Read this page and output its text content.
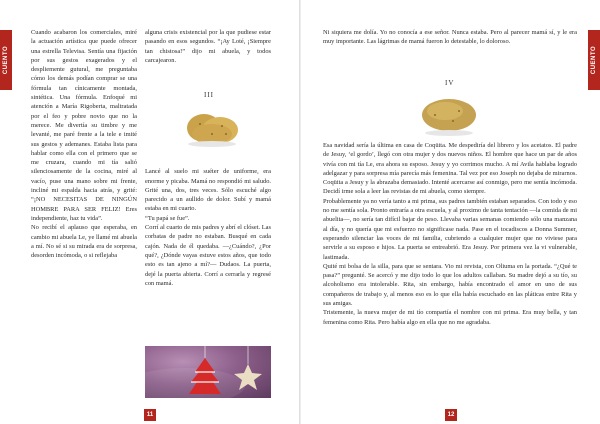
CUENTO	CUENTO

Cuando acabaron los comerciales, miré la actuación artística que puede ofrecer una estrella Televisa. Sentía una fijación por sus gestos exagerados y el despliemente gutural, me preguntaba cómo los demás podían comprar se una fórmula tan cínicamente montada, sintética. Una fórmula. Enfoqué mi atención a María Rigoberta, maltratada por el feo y pobre novio que no la merece. Me divertía su timbre y me levanté, me paré frente a la tele e imité sus gestos y ademanes. Estaba lista para hablar como ella con el primero que se me cruzara, cuando mi tía salió silenciosamente de la cocina, miré al vacío, puse una mano sobre mi frente, incliné mi espalda hacia atrás, y grité: “¡NO NECESITAS DE NINGÚN HOMBRE PARA SER FELIZ! Eres independiente, haz tu vida”.

No recibí el aplauso que esperaba, en cambio mi abuela Le, ye llamé mi abuela a mí. No sé si su mirada era de sorpresa, desorden incómoda, o si reflejaba

alguna crisis existencial por la que pudiese estar pasando en esos segundos. “¡Ay Loté, ¡Siempre tan chistosa!” dijo mi abuela, y todos carcajearon.

III

Lancé al suelo mi suéter de uniforme, era enorme y picaba. Mamá no respondió mi saludo. Grité una, dos, tres veces. Sólo escuché algo parecido a un aullido de dolor. Subí y mamá estaba en mi cuarto.
“Tu papá se fue”.
Corrí al cuarto de mis padres y abrí el clóset. Las corbatas de padre no estaban. Busqué en cada cajón. Nada de él quedaba. —¿Cuándo?, ¿Por qué?, ¿Dónde vayas estuve estos años, que todo esto es tan ajeno a mí?— Dudaos. La puerta, dejé la puerta abierta. Corrí a cerrarla y regresé con mamá.

11

Ni siquiera me dolía. Yo no conocía a ese señor. Nunca estaba. Pero al parecer mamá sí, y le era muy importante. Las lágrimas de mamá fueron lo detestable, lo doloroso.

IV

Esa navidad sería la última en casa de Coqüita. Me despediría del librero y los acetatos. El padre de Jesuy, ‘el gordo’, llegó con otra mujer y dos nuevos niños. El hombre que hace un par de años vivía con mi tía Le, era ahora su esposo. Jesuy y yo corrimos mucho. A mí Avila hablaba logrado adelgazar y para sorpresa mía parecía más femenina. Tal vez por eso Joseph no dejaba de mirarnos. Coqüita a Jesuy y la abrazaba demasiado. Intenté acercarse así conmigo, pero me sentía incómoda. Decidí irme sola a leer las revistas de mi abuela, como siempre.

Probablemente ya no vería tanto a mi prima, sus padres también estaban separados. Con todo y eso no me sentía sola. Pronto entraría a otra escuela, y al proximo de tanta tentación —la comida de mi abuelita—, no sería tan difícil bajar de peso. Llevaba varias semanas comiendo sólo una manzana al día, y no quería que mi esfuerzo no significase nada. Pase en el tocadiscos a Donna Summer, esperando silenciar las voces de mi familia, cubriendo a cualquier mujer que no viviese para servirle a su esposo e hijos. La puerta se entreabrió. Era Jesuy. Por primera vez la vi vulnerable, lastimada.

Quité mi bolsa de la silla, para que se sentara. Vio mi revista, con Oliuma en la portada. “¿Qué te pasa?” pregunté. Se acercó y me dijo todo lo que los adultos callaban. Su madre dejó a su tío, su alcoholismo era intolerable. Rita, sin embargo, había encontrado el amor en uno de sus compañeros de trabajo y, al menos eso es lo que ella había escuchado en las pláticas entre Rita y sus amigas.

Tristemente, la nueva mujer de mi tío compartía el nombre con mi prima. Era muy bella, y tan femenina como Rita. Pero había algo en ella que no me agradaba.

12
